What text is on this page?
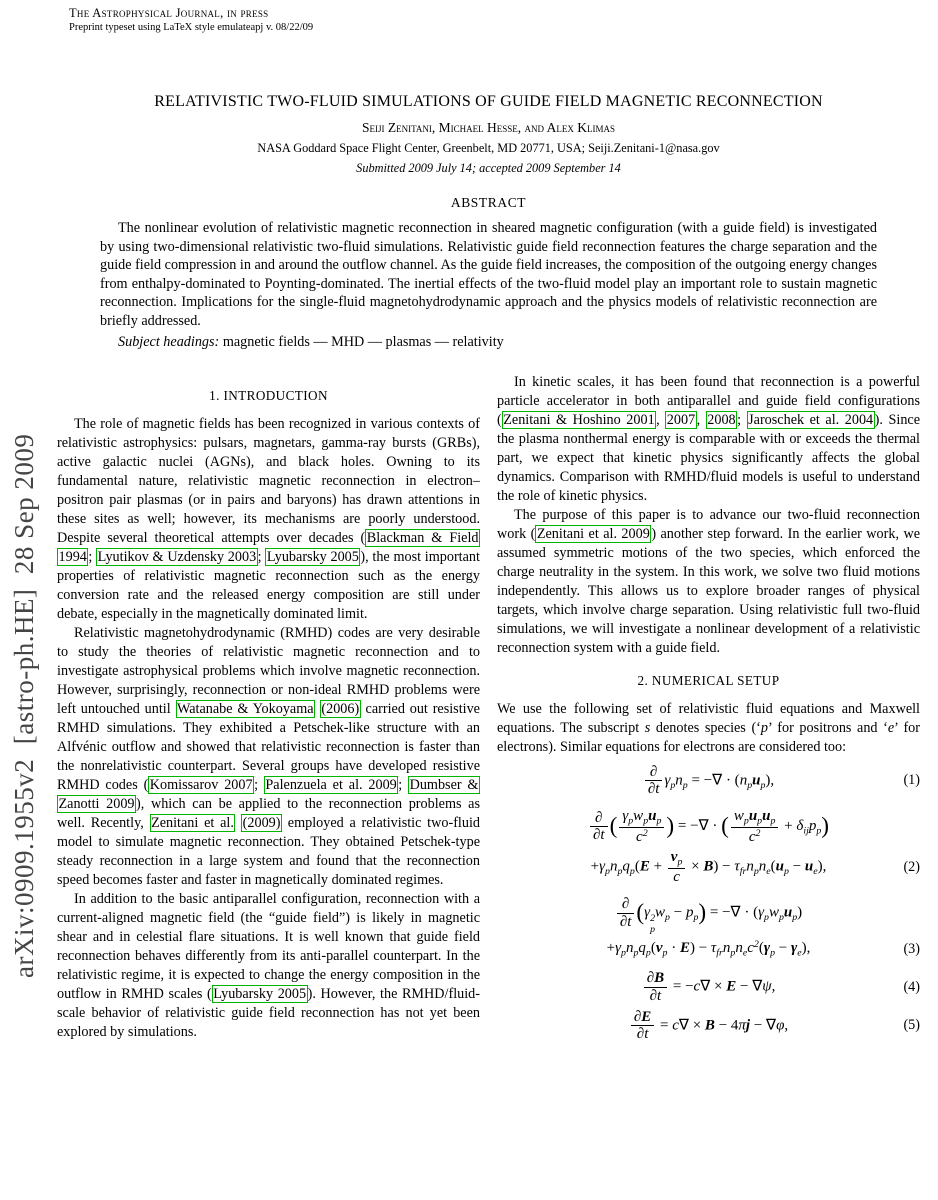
arXiv:0909.1955v2  [astro-ph.HE]  28 Sep 2009
The Astrophysical Journal, in press
Preprint typeset using LaTeX style emulateapj v. 08/22/09
RELATIVISTIC TWO-FLUID SIMULATIONS OF GUIDE FIELD MAGNETIC RECONNECTION
Seiji Zenitani, Michael Hesse, and Alex Klimas
NASA Goddard Space Flight Center, Greenbelt, MD 20771, USA; Seiji.Zenitani-1@nasa.gov
Submitted 2009 July 14; accepted 2009 September 14
ABSTRACT

The nonlinear evolution of relativistic magnetic reconnection in sheared magnetic configuration (with a guide field) is investigated by using two-dimensional relativistic two-fluid simulations. Relativistic guide field reconnection features the charge separation and the guide field compression in and around the outflow channel. As the guide field increases, the composition of the outgoing energy changes from enthalpy-dominated to Poynting-dominated. The inertial effects of the two-fluid model play an important role to sustain magnetic reconnection. Implications for the single-fluid magnetohydrodynamic approach and the physics models of relativistic reconnection are briefly addressed.

Subject headings: magnetic fields — MHD — plasmas — relativity

1. INTRODUCTION

The role of magnetic fields has been recognized in various contexts of relativistic astrophysics: pulsars, magnetars, gamma-ray bursts (GRBs), active galactic nuclei (AGNs), and black holes. Owning to its fundamental nature, relativistic magnetic reconnection in electron–positron pair plasmas (or in pairs and baryons) has drawn attentions in these sites as well; however, its mechanisms are poorly understood. Despite several theoretical attempts over decades ( Blackman & Field 1994 ; Lyutikov & Uzdensky 2003 ; Lyubarsky 2005 ), the most important properties of relativistic magnetic reconnection such as the energy conversion rate and the released energy composition are still under debate, especially in the magnetically dominated limit.

Relativistic magnetohydrodynamic (RMHD) codes are very desirable to study the theories of relativistic magnetic reconnection and to investigate astrophysical problems which involve magnetic reconnection. However, surprisingly, reconnection or non-ideal RMHD problems were left untouched until Watanabe & Yokoyama (2006) carried out resistive RMHD simulations. They exhibited a Petschek-like structure with an Alfvénic outflow and showed that relativistic reconnection is faster than the nonrelativistic counterpart. Several groups have developed resistive RMHD codes ( Komissarov 2007 ; Palenzuela et al. 2009 ; Dumbser & Zanotti 2009 ), which can be applied to the reconnection problems as well. Recently, Zenitani et al. (2009) employed a relativistic two-fluid model to simulate magnetic reconnection. They obtained Petschek-type steady reconnection in a large system and found that the reconnection speed becomes faster and faster in magnetically dominated regimes.

In addition to the basic antiparallel configuration, reconnection with a current-aligned magnetic field (the “guide field”) is likely in magnetic shear and in celestial flare situations. It is well known that guide field reconnection behaves differently from its anti-parallel counterpart. In the relativistic regime, it is expected to change the energy composition in the outflow in RMHD scales ( Lyubarsky 2005 ). However, the RMHD/fluid-scale behavior of relativistic guide field reconnection has not yet been explored by simulations.

In kinetic scales, it has been found that reconnection is a powerful particle accelerator in both antiparallel and guide field configurations ( Zenitani & Hoshino 2001 , 2007 , 2008 ; Jaroschek et al. 2004 ). Since the plasma nonthermal energy is comparable with or exceeds the thermal part, we expect that kinetic physics significantly affects the global dynamics. Comparison with RMHD/fluid models is useful to understand the role of kinetic physics.

The purpose of this paper is to advance our two-fluid reconnection work ( Zenitani et al. 2009 ) another step forward. In the earlier work, we assumed symmetric motions of the two species, which enforced the charge neutrality in the system. In this work, we solve two fluid motions independently. This allows us to explore broader ranges of physical targets, which involve charge separation. Using relativistic full two-fluid simulations, we will investigate a nonlinear development of a relativistic reconnection system with a guide field.

2. NUMERICAL SETUP

We use the following set of relativistic fluid equations and Maxwell equations. The subscript s denotes species (‘p’ for positrons and ‘e’ for electrons). Similar equations for electrons are considered too:

∂
∂t
$\gamma_pn_p$ = −∇ · $(n_pu_p)$,	(1)
∂
∂t ( $\gamma_pw_pu_p$
$c^2$ ) = −∇ · ( $w_pu_pu_p$
$c^2$	+ $\delta_{ij}p_p$)
$+\gamma_pn_pq_p(E + \frac{v_p}{c} \times B) - \tau_{fr}n_pn_e(u_p - u_e)$,	(2)
∂
∂t (γ 2
p
$w_p - p_p$) = −∇ · $(\gamma_pw_pu_p)$
$+\gamma_pn_pq_p(v_p \cdot E) - \tau_{fr}n_pn_ec^2(\gamma_p - \gamma_e)$,	(3)
$\frac{\partial B}{\partial t} = -c\nabla \times E - \nabla\psi$,	(4)
$\frac{\partial E}{\partial t} = c\nabla \times B - 4\pi j - \nabla\varphi$,	(5)
